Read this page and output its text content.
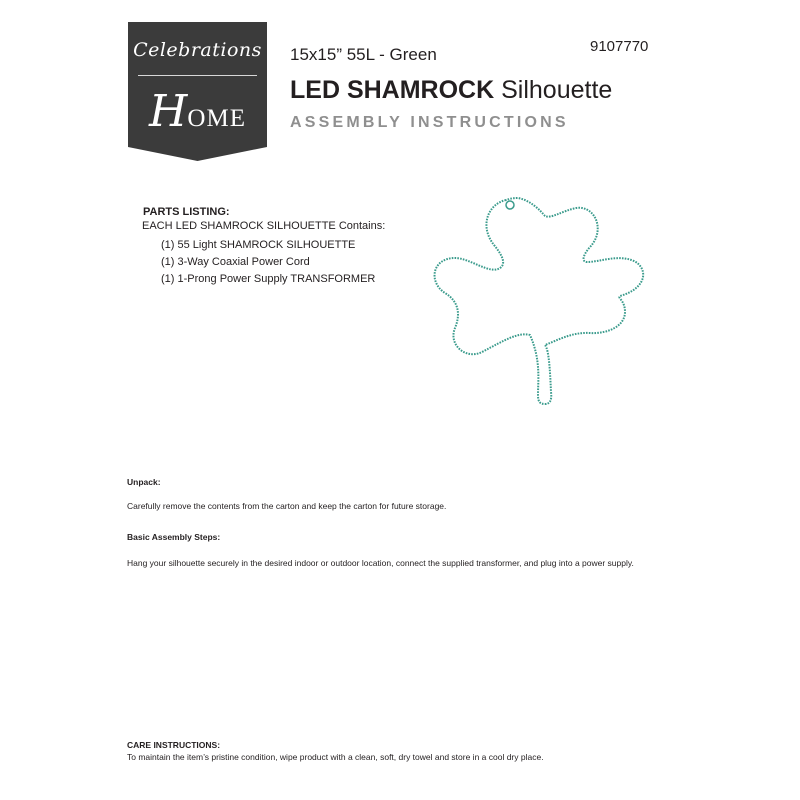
Celebrations
HOME
15x15” 55L - Green	9107770
LED SHAMROCK Silhouette
ASSEMBLY INSTRUCTIONS
PARTS LISTING:
EACH LED SHAMROCK SILHOUETTE Contains:
(1) 55 Light SHAMROCK SILHOUETTE
(1) 3-Way Coaxial Power Cord
(1) 1-Prong Power Supply TRANSFORMER
Unpack:
Carefully remove the contents from the carton and keep the carton for future storage.
Basic Assembly Steps:
Hang your silhouette securely in the desired indoor or outdoor location, connect the supplied transformer, and plug into a power supply.
CARE INSTRUCTIONS:
To maintain the item’s pristine condition, wipe product with a clean, soft, dry towel and store in a cool dry place.
